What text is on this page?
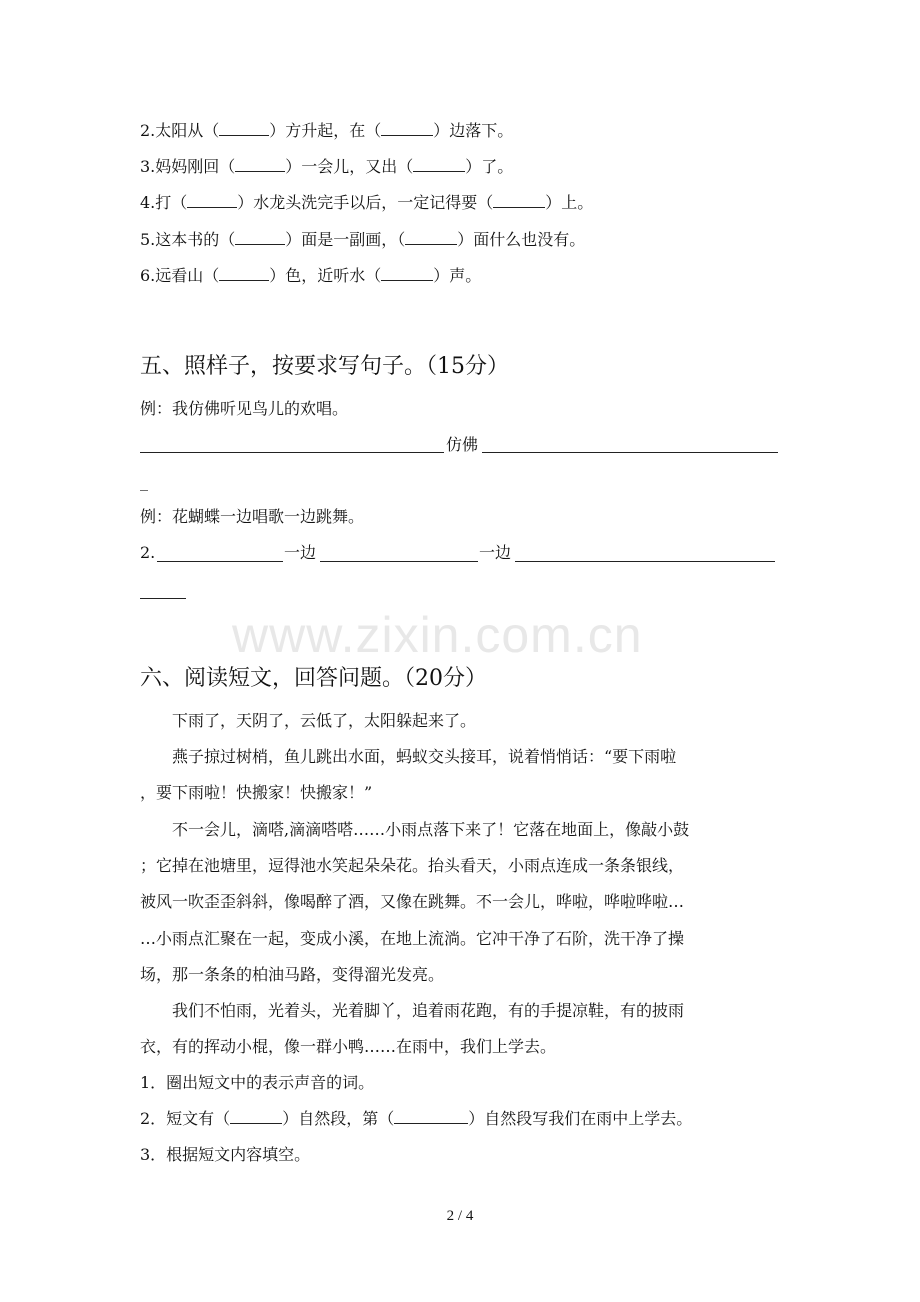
2.太阳从（	）方升起，在（	）边落下。
3.妈妈刚回（	）一会儿，又出（	）了。
4.打（	）水龙头洗完手以后，一定记得要（	）上。
5.这本书的（	）面是一副画，（	）面什么也没有。
6.远看山（	）色，近听水（	）声。
五、照样子，按要求写句子。（15分）
例：我仿佛听见鸟儿的欢唱。
仿佛
_
例：花蝴蝶一边唱歌一边跳舞。
2.	一边	一边
www.zixin.com.cn
六、阅读短文，回答问题。（20分）
下雨了，天阴了，云低了，太阳躲起来了。
燕子掠过树梢，鱼儿跳出水面，蚂蚁交头接耳，说着悄悄话：“要下雨啦
，要下雨啦！快搬家！快搬家！”
不一会儿，滴嗒,滴滴嗒嗒……小雨点落下来了！它落在地面上，像敲小鼓
；它掉在池塘里，逗得池水笑起朵朵花。抬头看天，小雨点连成一条条银线，
被风一吹歪歪斜斜，像喝醉了酒，又像在跳舞。不一会儿，哗啦，哗啦哗啦…
…小雨点汇聚在一起，变成小溪，在地上流淌。它冲干净了石阶，洗干净了操
场，那一条条的柏油马路，变得溜光发亮。
我们不怕雨，光着头，光着脚丫，追着雨花跑，有的手提凉鞋，有的披雨
衣，有的挥动小棍，像一群小鸭……在雨中，我们上学去。
1．圈出短文中的表示声音的词。
2．短文有（	）自然段，第（	）自然段写我们在雨中上学去。
3．根据短文内容填空。
2 / 4
